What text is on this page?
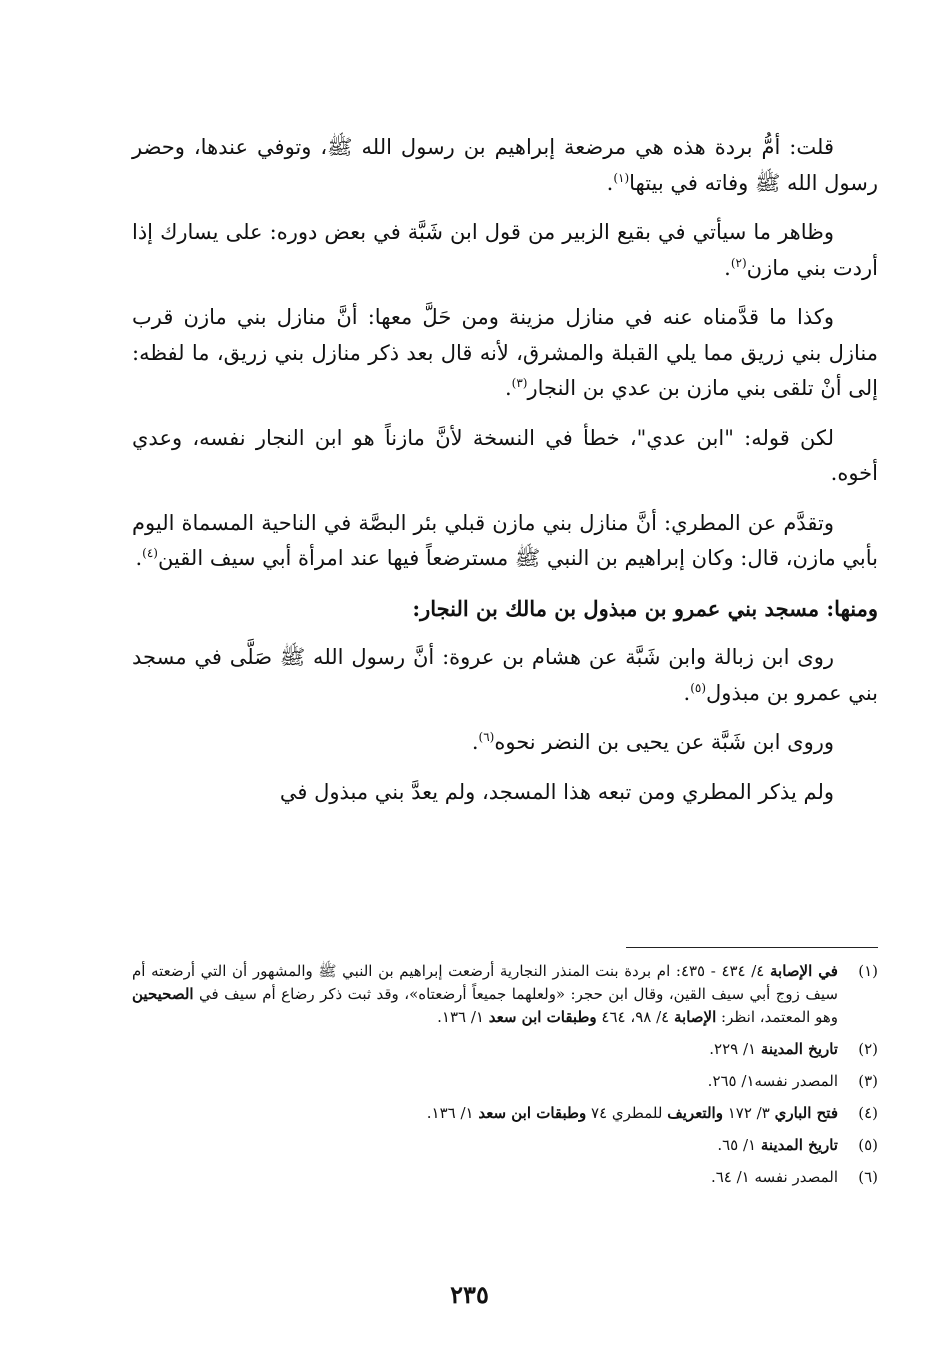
قلت: أمُّ بردة هذه هي مرضعة إبراهيم بن رسول الله ﷺ، وتوفي عندها، وحضر رسول الله ﷺ وفاته في بيتها$^{(١)}$.

وظاهر ما سيأتي في بقيع الزبير من قول ابن شَبَّة في بعض دوره: على يسارك إذا أردت بني مازن$^{(٢)}$.

وكذا ما قدَّمناه عنه في منازل مزينة ومن حَلَّ معها: أنَّ منازل بني مازن قرب منازل بني زريق مما يلي القبلة والمشرق، لأنه قال بعد ذكر منازل بني زريق، ما لفظه: إلى أنْ تلقى بني مازن بن عدي بن النجار$^{(٣)}$.

لكن قوله: "ابن عدي"، خطأ في النسخة لأنَّ مازناً هو ابن النجار نفسه، وعدي أخوه.

وتقدَّم عن المطري: أنَّ منازل بني مازن قبلي بئر البصَّة في الناحية المسماة اليوم بأبي مازن، قال: وكان إبراهيم بن النبي ﷺ مسترضعاً فيها عند امرأة أبي سيف القين$^{(٤)}$.

ومنها: مسجد بني عمرو بن مبذول بن مالك بن النجار:

روى ابن زبالة وابن شَبَّة عن هشام بن عروة: أنَّ رسول الله ﷺ صَلَّى في مسجد بني عمرو بن مبذول$^{(٥)}$.

وروى ابن شَبَّة عن يحيى بن النضر نحوه$^{(٦)}$.

ولم يذكر المطري ومن تبعه هذا المسجد، ولم يعدَّ بني مبذول في

(١)
في الإصابة ٤/ ٤٣٤ - ٤٣٥: ام بردة بنت المنذر النجارية أرضعت إبراهيم بن النبي ﷺ والمشهور أن التي أرضعته أم سيف زوج أبي سيف القين، وقال ابن حجر: «ولعلهما جميعاً أرضعتاه»، وقد ثبت ذكر رضاع أم سيف في الصحيحين وهو المعتمد، انظر: الإصابة ٤/ ٩٨، ٤٦٤ وطبقات ابن سعد ١/ ١٣٦.
(٢)
تاريخ المدينة ١/ ٢٢٩.
(٣)
المصدر نفسه١/ ٢٦٥.
(٤)
فتح الباري ٣/ ١٧٢ والتعريف للمطري ٧٤ وطبقات ابن سعد ١/ ١٣٦.
(٥)
تاريخ المدينة ١/ ٦٥.
(٦)
المصدر نفسه ١/ ٦٤.
٢٣٥
